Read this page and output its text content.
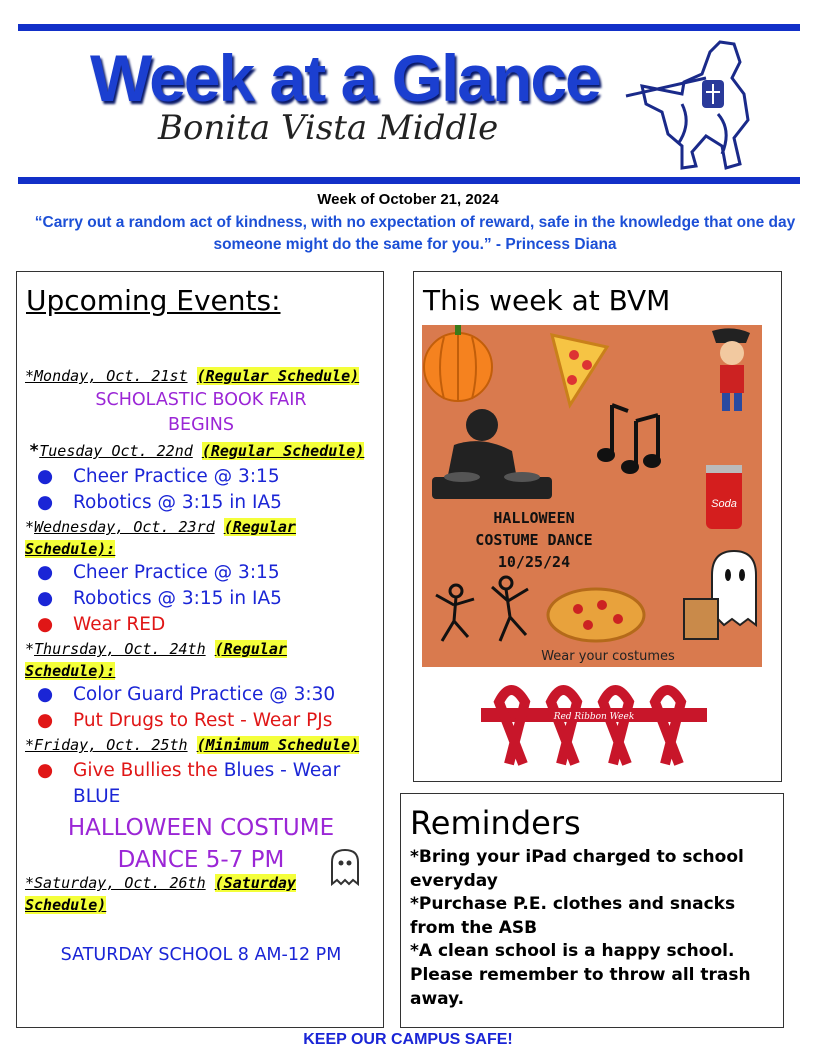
Week at a Glance
Bonita Vista Middle
Week of October 21, 2024
“Carry out a random act of kindness, with no expectation of reward, safe in the knowledge that one day someone might do the same for you.” - Princess Diana
Upcoming Events:
*Monday, Oct. 21st (Regular Schedule)
SCHOLASTIC BOOK FAIR
BEGINS
*Tuesday Oct. 22nd (Regular Schedule)
● Cheer Practice @ 3:15
● Robotics @ 3:15 in IA5
*Wednesday, Oct. 23rd (Regular
Schedule):
● Cheer Practice @ 3:15
● Robotics @ 3:15 in IA5
● Wear RED
*Thursday, Oct. 24th (Regular
Schedule):
● Color Guard Practice @ 3:30
● Put Drugs to Rest - Wear PJs
*Friday, Oct. 25th (Minimum Schedule)
● Give Bullies the Blues - Wear
BLUE
HALLOWEEN COSTUME
DANCE 5-7 PM
*Saturday, Oct. 26th (Saturday
Schedule)
SATURDAY SCHOOL 8 AM-12 PM
This week at BVM
Soda
HALLOWEEN
COSTUME DANCE
10/25/24
Wear your costumes
Red Ribbon Week
Reminders
*Bring your iPad charged to school everyday
*Purchase P.E. clothes and snacks from the ASB
*A clean school is a happy school. Please remember to throw all trash away.
KEEP OUR CAMPUS SAFE!
